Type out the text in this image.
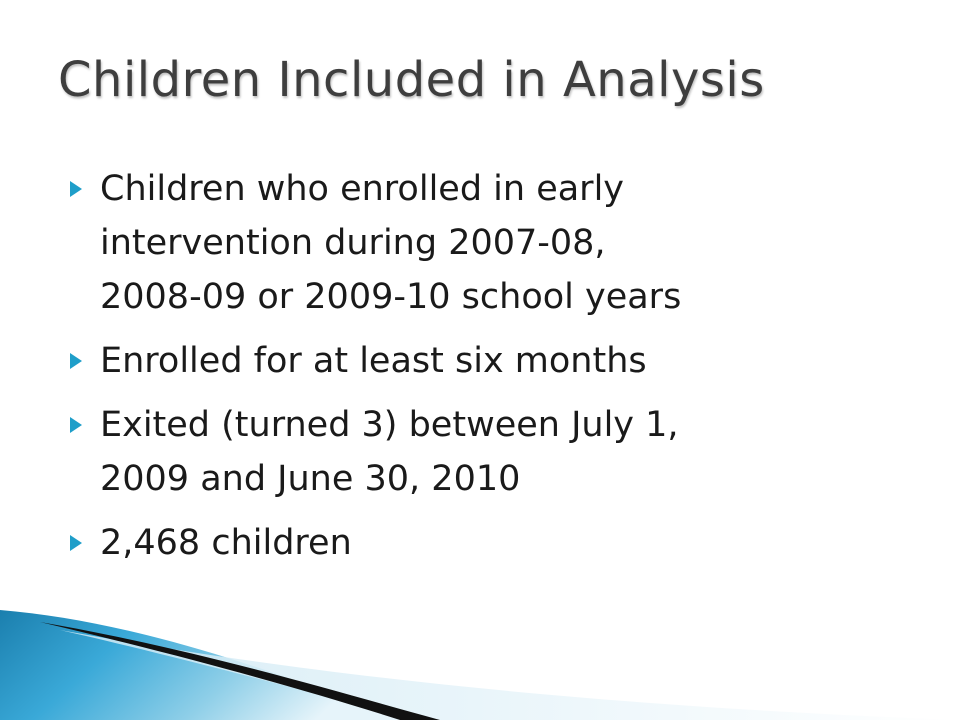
Children Included in Analysis
Children who enrolled in early
intervention during 2007-08,
2008-09 or 2009-10 school years
Enrolled for at least six months
Exited (turned 3) between July 1,
2009 and June 30, 2010
2,468 children
